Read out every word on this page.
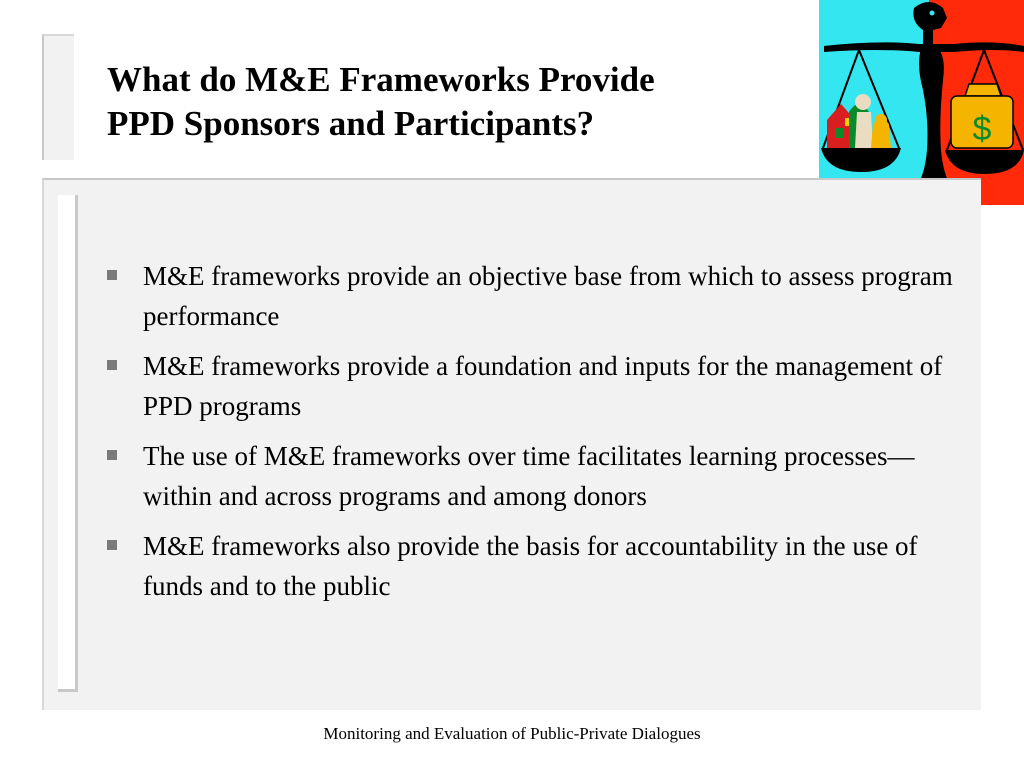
What do M&E Frameworks Provide
PPD Sponsors and Participants?	$
M&E frameworks provide an objective base from which to assess program performance
M&E frameworks provide a foundation and inputs for the management of PPD programs
The use of M&E frameworks over time facilitates learning processes—within and across programs and among donors
M&E frameworks also provide the basis for accountability in the use of funds and to the public
Monitoring and Evaluation of Public-Private Dialogues
